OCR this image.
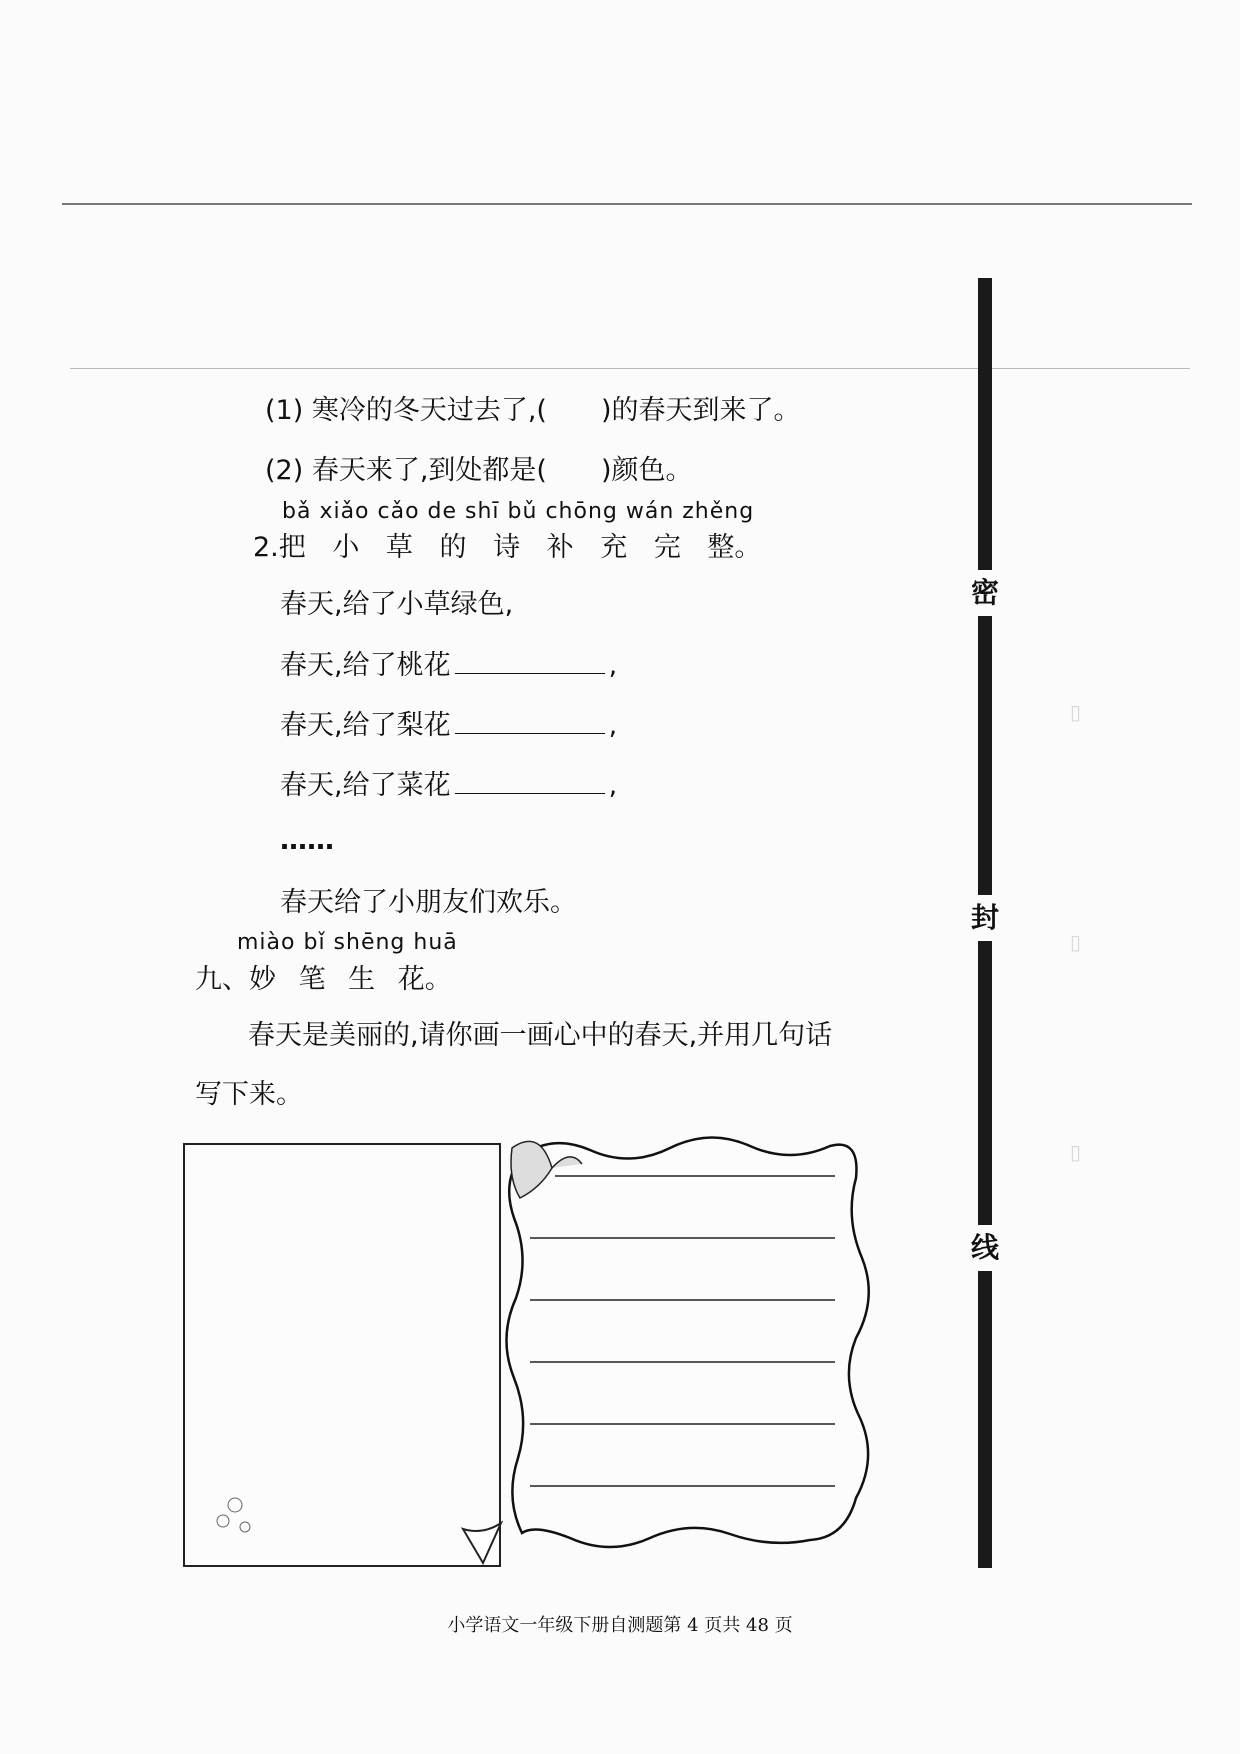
▯
▯
▯
密
封
线
(1) 寒冷的冬天过去了,( )的春天到来了。
(2) 春天来了,到处都是( )颜色。
bǎ xiǎo cǎo de shī bǔ chōng wán zhěng
2.把 小 草 的 诗 补 充 完 整。
春天,给了小草绿色,
春天,给了桃花	,
春天,给了梨花	,
春天,给了菜花	,
……
春天给了小朋友们欢乐。
miào bǐ shēng huā
九、妙 笔 生 花。
春天是美丽的,请你画一画心中的春天,并用几句话
写下来。
小学语文一年级下册自测题第 4 页共 48 页
